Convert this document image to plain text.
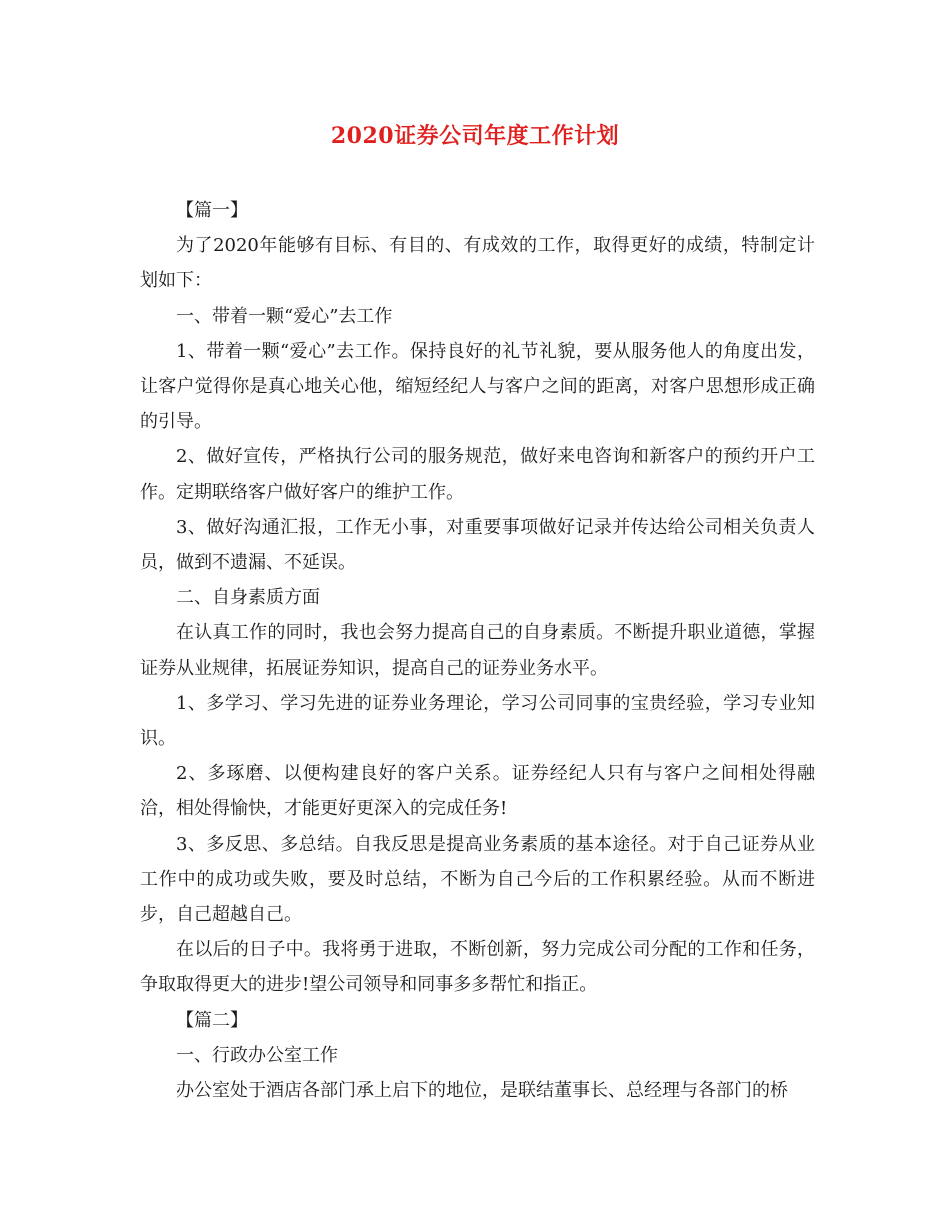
2020证券公司年度工作计划

【篇一】

为了2020年能够有目标、有目的、有成效的工作，取得更好的成绩，特制定计划如下：

一、带着一颗“爱心”去工作

1、带着一颗“爱心”去工作。保持良好的礼节礼貌，要从服务他人的角度出发，让客户觉得你是真心地关心他，缩短经纪人与客户之间的距离，对客户思想形成正确的引导。

2、做好宣传，严格执行公司的服务规范，做好来电咨询和新客户的预约开户工作。定期联络客户做好客户的维护工作。

3、做好沟通汇报，工作无小事，对重要事项做好记录并传达给公司相关负责人员，做到不遗漏、不延误。

二、自身素质方面

在认真工作的同时，我也会努力提高自己的自身素质。不断提升职业道德，掌握证券从业规律，拓展证券知识，提高自己的证券业务水平。

1、多学习、学习先进的证券业务理论，学习公司同事的宝贵经验，学习专业知识。

2、多琢磨、以便构建良好的客户关系。证券经纪人只有与客户之间相处得融洽，相处得愉快，才能更好更深入的完成任务!

3、多反思、多总结。自我反思是提高业务素质的基本途径。对于自己证券从业工作中的成功或失败，要及时总结，不断为自己今后的工作积累经验。从而不断进步，自己超越自己。

在以后的日子中。我将勇于进取，不断创新，努力完成公司分配的工作和任务，争取取得更大的进步!望公司领导和同事多多帮忙和指正。

【篇二】

一、行政办公室工作

办公室处于酒店各部门承上启下的地位，是联结董事长、总经理与各部门的桥
